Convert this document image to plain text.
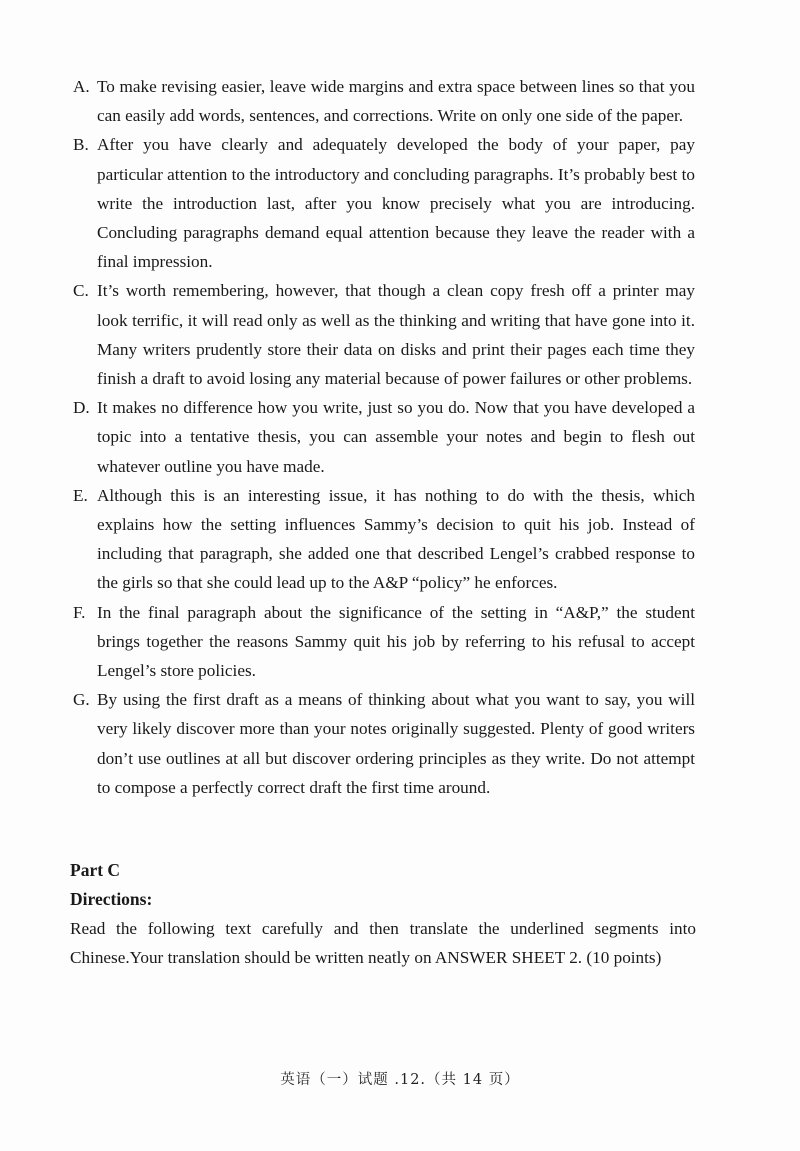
A. To make revising easier, leave wide margins and extra space between lines so that you can easily add words, sentences, and corrections. Write on only one side of the paper.

B. After you have clearly and adequately developed the body of your paper, pay particular attention to the introductory and concluding paragraphs. It’s probably best to write the introduction last, after you know precisely what you are introducing. Concluding paragraphs demand equal attention because they leave the reader with a final impression.

C. It’s worth remembering, however, that though a clean copy fresh off a printer may look terrific, it will read only as well as the thinking and writing that have gone into it. Many writers prudently store their data on disks and print their pages each time they finish a draft to avoid losing any material because of power failures or other problems.

D. It makes no difference how you write, just so you do. Now that you have developed a topic into a tentative thesis, you can assemble your notes and begin to flesh out whatever outline you have made.

E. Although this is an interesting issue, it has nothing to do with the thesis, which explains how the setting influences Sammy’s decision to quit his job. Instead of including that paragraph, she added one that described Lengel’s crabbed response to the girls so that she could lead up to the A&P “policy” he enforces.

F. In the final paragraph about the significance of the setting in “A&P,” the student brings together the reasons Sammy quit his job by referring to his refusal to accept Lengel’s store policies.

G. By using the first draft as a means of thinking about what you want to say, you will very likely discover more than your notes originally suggested. Plenty of good writers don’t use outlines at all but discover ordering principles as they write. Do not attempt to compose a perfectly correct draft the first time around.

Part C

Directions:

Read the following text carefully and then translate the underlined segments into Chinese.Your translation should be written neatly on ANSWER SHEET 2. (10 points)

英语（一）试题 .12.（共 14 页）
